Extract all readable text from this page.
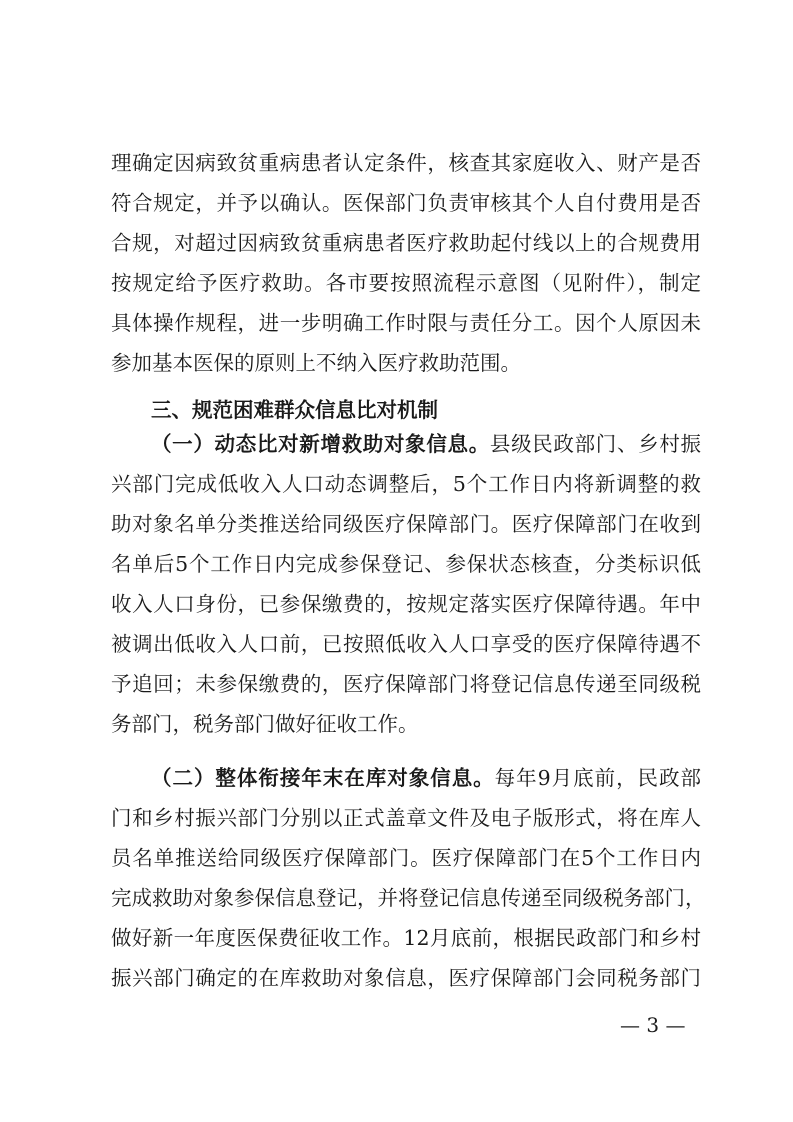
理确定因病致贫重病患者认定条件，核查其家庭收入、财产是否
符合规定，并予以确认。医保部门负责审核其个人自付费用是否
合规，对超过因病致贫重病患者医疗救助起付线以上的合规费用
按规定给予医疗救助。各市要按照流程示意图（见附件），制定
具体操作规程，进一步明确工作时限与责任分工。因个人原因未
参加基本医保的原则上不纳入医疗救助范围。
三、规范困难群众信息比对机制
（一）动态比对新增救助对象信息。县级民政部门、乡村振
兴部门完成低收入人口动态调整后，5个工作日内将新调整的救
助对象名单分类推送给同级医疗保障部门。医疗保障部门在收到
名单后5个工作日内完成参保登记、参保状态核查，分类标识低
收入人口身份，已参保缴费的，按规定落实医疗保障待遇。年中
被调出低收入人口前，已按照低收入人口享受的医疗保障待遇不
予追回；未参保缴费的，医疗保障部门将登记信息传递至同级税
务部门，税务部门做好征收工作。
（二）整体衔接年末在库对象信息。每年9月底前，民政部
门和乡村振兴部门分别以正式盖章文件及电子版形式，将在库人
员名单推送给同级医疗保障部门。医疗保障部门在5个工作日内
完成救助对象参保信息登记，并将登记信息传递至同级税务部门，
做好新一年度医保费征收工作。12月底前，根据民政部门和乡村
振兴部门确定的在库救助对象信息，医疗保障部门会同税务部门
— 3 —
